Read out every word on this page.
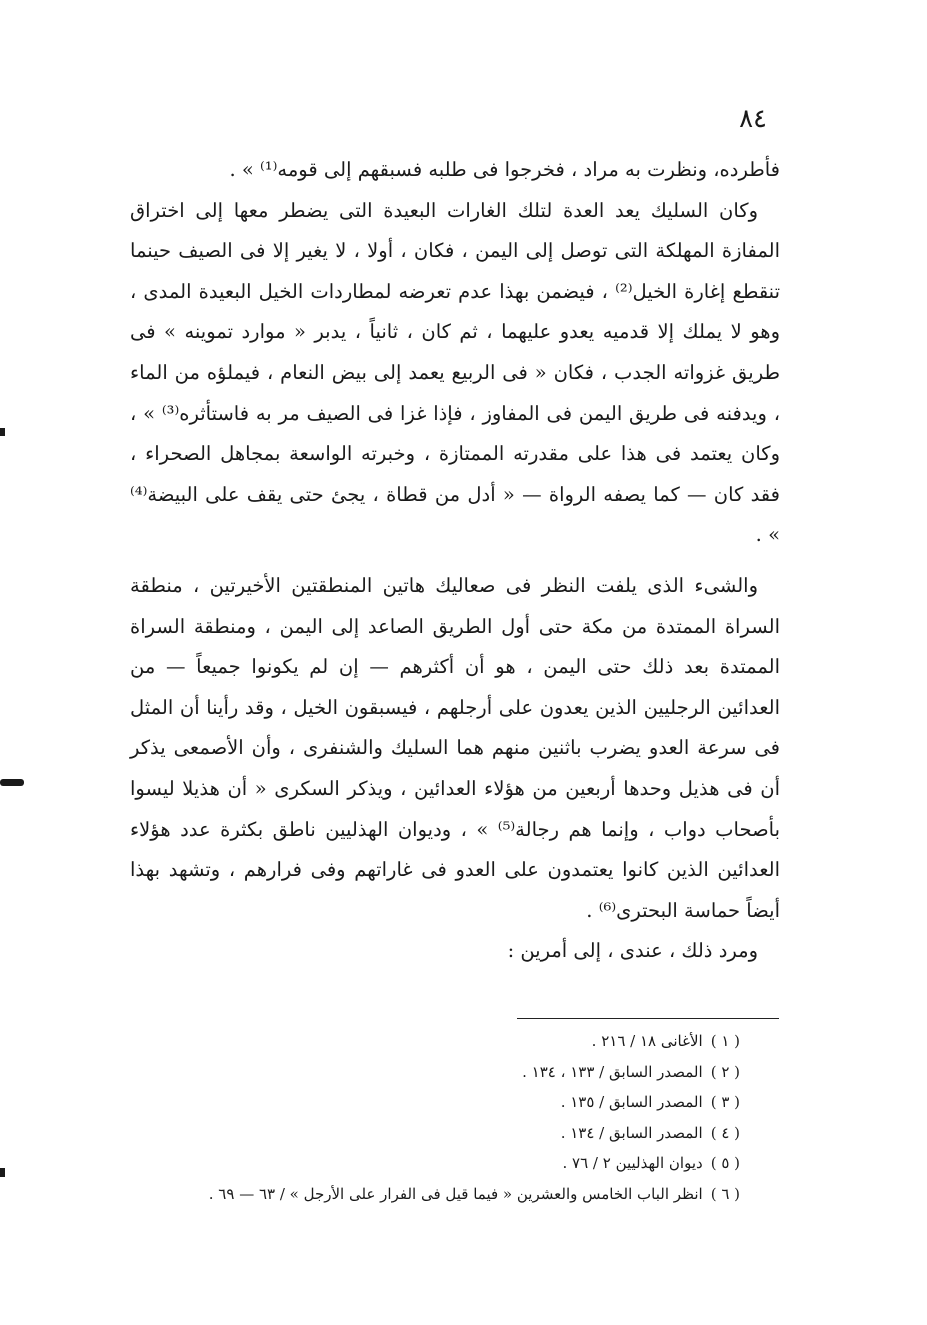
٨٤

فأطرده، ونظرت به مراد ، فخرجوا فى طلبه فسبقهم إلى قومه⁽¹⁾ » .

وكان السليك يعد العدة لتلك الغارات البعيدة التى يضطر معها إلى اختراق المفازة المهلكة التى توصل إلى اليمن ، فكان ، أولا ، لا يغير إلا فى الصيف حينما تنقطع إغارة الخيل⁽²⁾ ، فيضمن بهذا عدم تعرضه لمطاردات الخيل البعيدة المدى ، وهو لا يملك إلا قدميه يعدو عليهما ، ثم كان ، ثانياً ، يدبر « موارد تموينه » فى طريق غزواته الجدب ، فكان « فى الربيع يعمد إلى بيض النعام ، فيملؤه من الماء ، ويدفنه فى طريق اليمن فى المفاوز ، فإذا غزا فى الصيف مر به فاستأثره⁽³⁾ » ، وكان يعتمد فى هذا على مقدرته الممتازة ، وخبرته الواسعة بمجاهل الصحراء ، فقد كان — كما يصفه الرواة — « أدل من قطاة ، يجئ حتى يقف على البيضة⁽⁴⁾ » .

والشىء الذى يلفت النظر فى صعاليك هاتين المنطقتين الأخيرتين ، منطقة السراة الممتدة من مكة حتى أول الطريق الصاعد إلى اليمن ، ومنطقة السراة الممتدة بعد ذلك حتى اليمن ، هو أن أكثرهم — إن لم يكونوا جميعاً — من العدائين الرجليين الذين يعدون على أرجلهم ، فيسبقون الخيل ، وقد رأينا أن المثل فى سرعة العدو يضرب باثنين منهم هما السليك والشنفرى ، وأن الأصمعى يذكر أن فى هذيل وحدها أربعين من هؤلاء العدائين ، ويذكر السكرى « أن هذيلا ليسوا بأصحاب دواب ، وإنما هم رجالة⁽⁵⁾ » ، وديوان الهذليين ناطق بكثرة عدد هؤلاء العدائين الذين كانوا يعتمدون على العدو فى غاراتهم وفى فرارهم ، وتشهد بهذا أيضاً حماسة البحترى⁽⁶⁾ .

ومرد ذلك ، عندى ، إلى أمرين :

( ١ )الأغانى ١٨ / ٢١٦ .
( ٢ )المصدر السابق / ١٣٣ ، ١٣٤ .
( ٣ )المصدر السابق / ١٣٥ .
( ٤ )المصدر السابق / ١٣٤ .
( ٥ )ديوان الهذليين ٢ / ٧٦ .
( ٦ )انظر الباب الخامس والعشرين « فيما قيل فى الفرار على الأرجل » / ٦٣ — ٦٩ .
